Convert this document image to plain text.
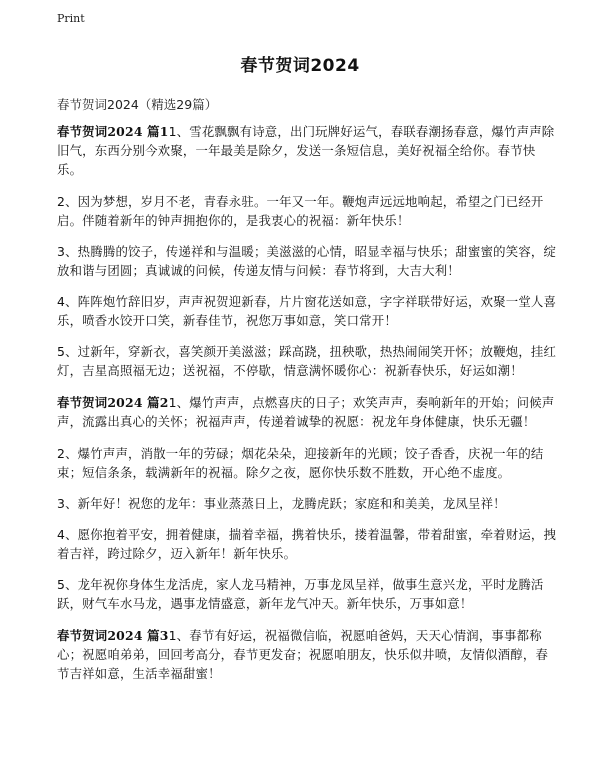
Print
春节贺词2024
春节贺词2024（精选29篇）

春节贺词2024 篇11、雪花飘飘有诗意，出门玩牌好运气，春联春潮扬春意，爆竹声声除旧气，东西分别今欢聚，一年最美是除夕，发送一条短信息，美好祝福全给你。春节快乐。

2、因为梦想，岁月不老，青春永驻。一年又一年。鞭炮声远远地响起，希望之门已经开启。伴随着新年的钟声拥抱你的，是我衷心的祝福：新年快乐！

3、热腾腾的饺子，传递祥和与温暖；美滋滋的心情，昭显幸福与快乐；甜蜜蜜的笑容，绽放和谐与团圆；真诚诚的问候，传递友情与问候：春节将到，大吉大利！

4、阵阵炮竹辞旧岁，声声祝贺迎新春，片片窗花送如意，字字祥联带好运，欢聚一堂人喜乐，喷香水饺开口笑，新春佳节，祝您万事如意，笑口常开！

5、过新年，穿新衣，喜笑颜开美滋滋；踩高跷，扭秧歌，热热闹闹笑开怀；放鞭炮，挂红灯，吉星高照福无边；送祝福，不停歇，情意满怀暖你心：祝新春快乐，好运如潮！

春节贺词2024 篇21、爆竹声声，点燃喜庆的日子；欢笑声声，奏响新年的开始；问候声声，流露出真心的关怀；祝福声声，传递着诚挚的祝愿：祝龙年身体健康，快乐无疆！

2、爆竹声声，消散一年的劳碌；烟花朵朵，迎接新年的光顾；饺子香香，庆祝一年的结束；短信条条，载满新年的祝福。除夕之夜，愿你快乐数不胜数，开心绝不虚度。

3、新年好！祝您的龙年：事业蒸蒸日上，龙腾虎跃；家庭和和美美，龙凤呈祥！

4、愿你抱着平安，拥着健康，揣着幸福，携着快乐，搂着温馨，带着甜蜜，牵着财运，拽着吉祥，跨过除夕，迈入新年！新年快乐。

5、龙年祝你身体生龙活虎，家人龙马精神，万事龙凤呈祥，做事生意兴龙，平时龙腾活跃，财气车水马龙，遇事龙情盛意，新年龙气冲天。新年快乐，万事如意！

春节贺词2024 篇31、春节有好运，祝福微信临，祝愿咱爸妈，天天心情润，事事都称心；祝愿咱弟弟，回回考高分，春节更发奋；祝愿咱朋友，快乐似井喷，友情似酒醇，春节吉祥如意，生活幸福甜蜜！
